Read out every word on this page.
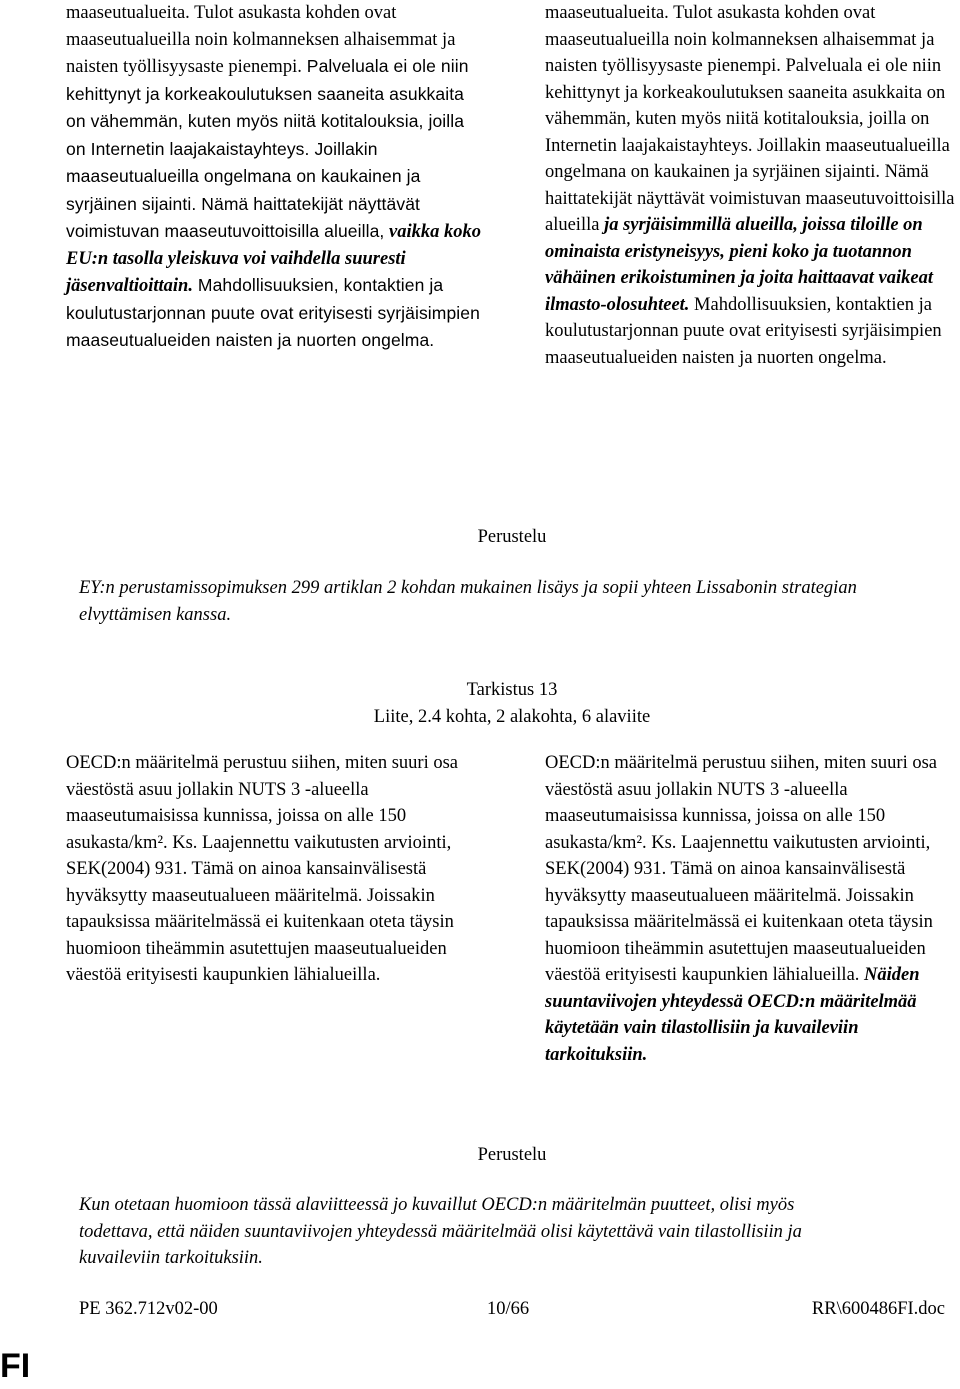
maaseutualueita. Tulot asukasta kohden ovat maaseutualueilla noin kolmanneksen alhaisemmat ja naisten työllisyysaste pienempi. Palveluala ei ole niin kehittynyt ja korkeakoulutuksen saaneita asukkaita on vähemmän, kuten myös niitä kotitalouksia, joilla on Internetin laajakaistayhteys. Joillakin maaseutualueilla ongelmana on kaukainen ja syrjäinen sijainti. Nämä haittatekijät näyttävät voimistuvan maaseutuvoittoisilla alueilla, vaikka koko EU:n tasolla yleiskuva voi vaihdella suuresti jäsenvaltioittain. Mahdollisuuksien, kontaktien ja koulutustarjonnan puute ovat erityisesti syrjäisimpien maaseutualueiden naisten ja nuorten ongelma.
maaseutualueita. Tulot asukasta kohden ovat maaseutualueilla noin kolmanneksen alhaisemmat ja naisten työllisyysaste pienempi. Palveluala ei ole niin kehittynyt ja korkeakoulutuksen saaneita asukkaita on vähemmän, kuten myös niitä kotitalouksia, joilla on Internetin laajakaistayhteys. Joillakin maaseutualueilla ongelmana on kaukainen ja syrjäinen sijainti. Nämä haittatekijät näyttävät voimistuvan maaseutuvoittoisilla alueilla ja syrjäisimmillä alueilla, joissa tiloille on ominaista eristyneisyys, pieni koko ja tuotannon vähäinen erikoistuminen ja joita haittaavat vaikeat ilmasto-olosuhteet. Mahdollisuuksien, kontaktien ja koulutustarjonnan puute ovat erityisesti syrjäisimpien maaseutualueiden naisten ja nuorten ongelma.
Perustelu
EY:n perustamissopimuksen 299 artiklan 2 kohdan mukainen lisäys ja sopii yhteen Lissabonin strategian elvyttämisen kanssa.
Tarkistus 13
Liite, 2.4 kohta, 2 alakohta, 6 alaviite
OECD:n määritelmä perustuu siihen, miten suuri osa väestöstä asuu jollakin NUTS 3 -alueella maaseutumaisissa kunnissa, joissa on alle 150 asukasta/km². Ks. Laajennettu vaikutusten arviointi, SEK(2004) 931. Tämä on ainoa kansainvälisestä hyväksytty maaseutualueen määritelmä. Joissakin tapauksissa määritelmässä ei kuitenkaan oteta täysin huomioon tiheämmin asutettujen maaseutualueiden väestöä erityisesti kaupunkien lähialueilla.
OECD:n määritelmä perustuu siihen, miten suuri osa väestöstä asuu jollakin NUTS 3 -alueella maaseutumaisissa kunnissa, joissa on alle 150 asukasta/km². Ks. Laajennettu vaikutusten arviointi, SEK(2004) 931. Tämä on ainoa kansainvälisestä hyväksytty maaseutualueen määritelmä. Joissakin tapauksissa määritelmässä ei kuitenkaan oteta täysin huomioon tiheämmin asutettujen maaseutualueiden väestöä erityisesti kaupunkien lähialueilla. Näiden suuntaviivojen yhteydessä OECD:n määritelmää käytetään vain tilastollisiin ja kuvaileviin tarkoituksiin.
Perustelu
Kun otetaan huomioon tässä alaviitteessä jo kuvaillut OECD:n määritelmän puutteet, olisi myös todettava, että näiden suuntaviivojen yhteydessä määritelmää olisi käytettävä vain tilastollisiin ja kuvaileviin tarkoituksiin.
PE 362.712v02-00	10/66	RR\600486FI.doc
FI
